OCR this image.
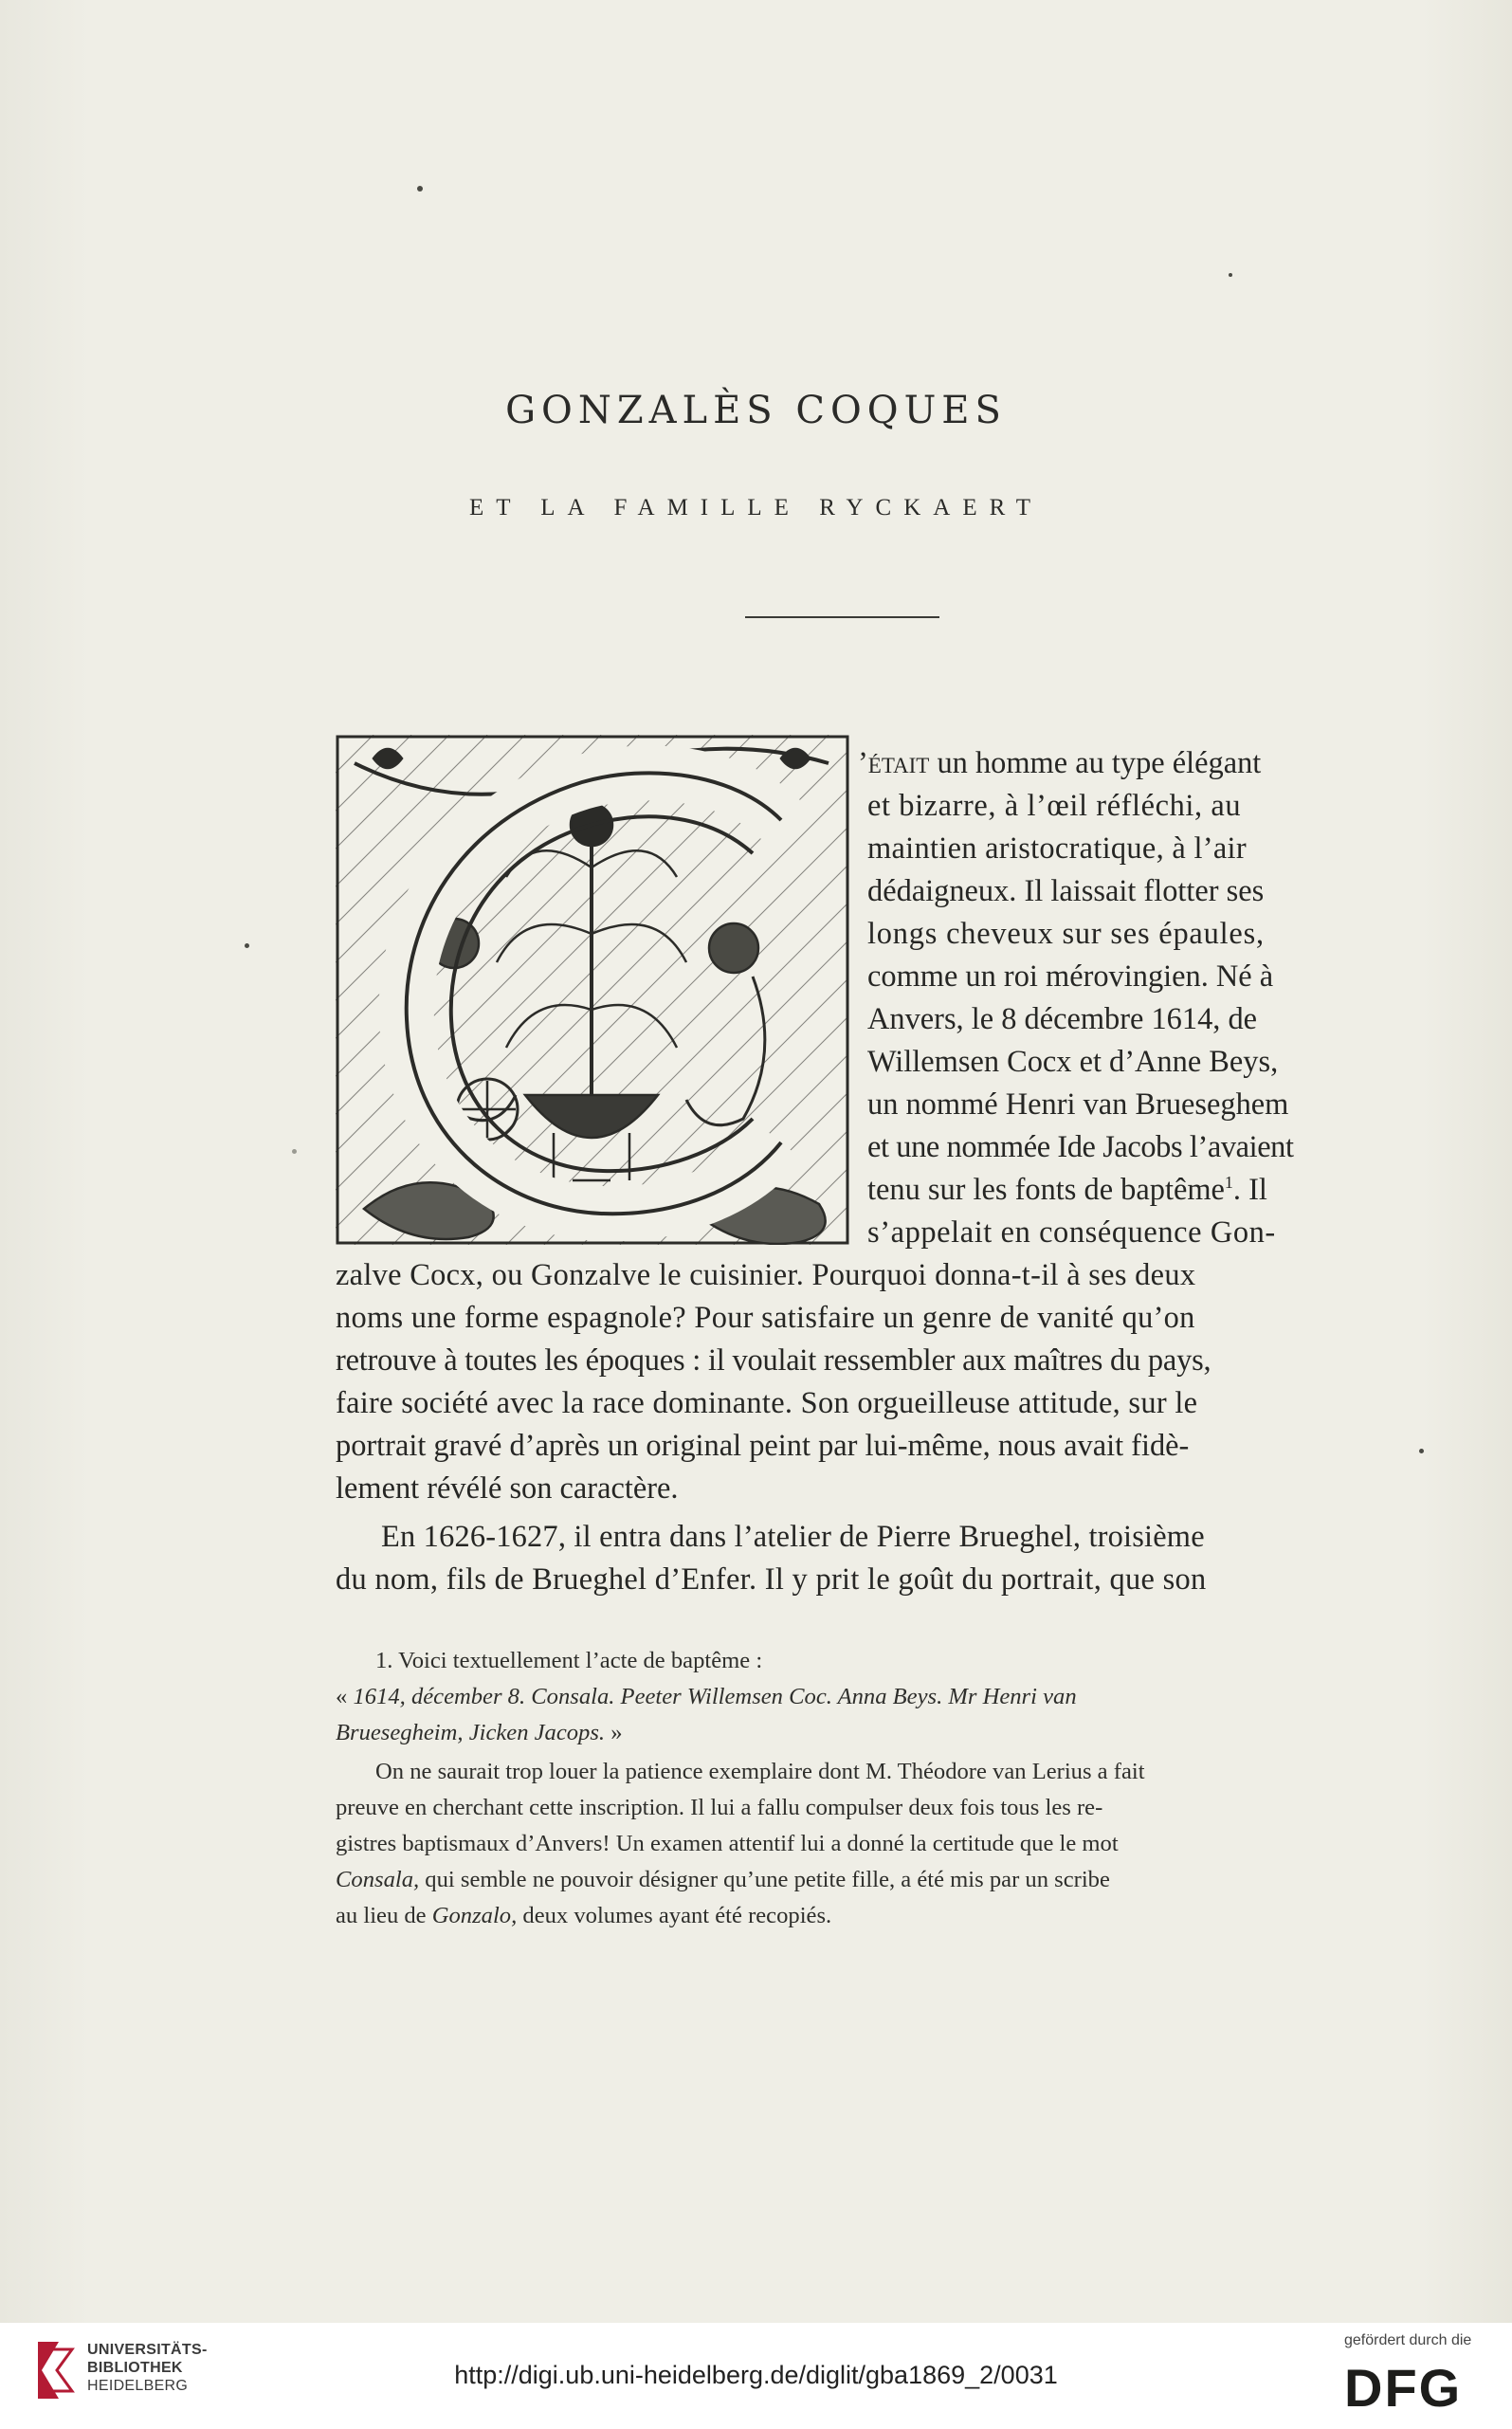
GONZALÈS COQUES
ET LA FAMILLE RYCKAERT
’était un homme au type élégant
et bizarre, à l’œil réfléchi, au
maintien aristocratique, à l’air
dédaigneux. Il laissait flotter ses
longs cheveux sur ses épaules,
comme un roi mérovingien. Né à
Anvers, le 8 décembre 1614, de
Willemsen Cocx et d’Anne Beys,
un nommé Henri van Brueseghem
et une nommée Ide Jacobs l’avaient
tenu sur les fonts de baptême$^1$. Il
s’appelait en conséquence Gon-
zalve Cocx, ou Gonzalve le cuisinier. Pourquoi donna-t-il à ses deux
noms une forme espagnole? Pour satisfaire un genre de vanité qu’on
retrouve à toutes les époques : il voulait ressembler aux maîtres du pays,
faire société avec la race dominante. Son orgueilleuse attitude, sur le
portrait gravé d’après un original peint par lui-même, nous avait fidè-
lement révélé son caractère.
En 1626-1627, il entra dans l’atelier de Pierre Brueghel, troisième
du nom, fils de Brueghel d’Enfer. Il y prit le goût du portrait, que son
1. Voici textuellement l’acte de baptême :
« 1614, décember 8. Consala. Peeter Willemsen Coc. Anna Beys. Mr Henri van
Bruesegheim, Jicken Jacops. »
On ne saurait trop louer la patience exemplaire dont M. Théodore van Lerius a fait
preuve en cherchant cette inscription. Il lui a fallu compulser deux fois tous les re-
gistres baptismaux d’Anvers! Un examen attentif lui a donné la certitude que le mot
Consala, qui semble ne pouvoir désigner qu’une petite fille, a été mis par un scribe
au lieu de Gonzalo, deux volumes ayant été recopiés.
UNIVERSITÄTS-
BIBLIOTHEK
HEIDELBERG	http://digi.ub.uni-heidelberg.de/diglit/gba1869_2/0031
gefördert durch die
DFG
